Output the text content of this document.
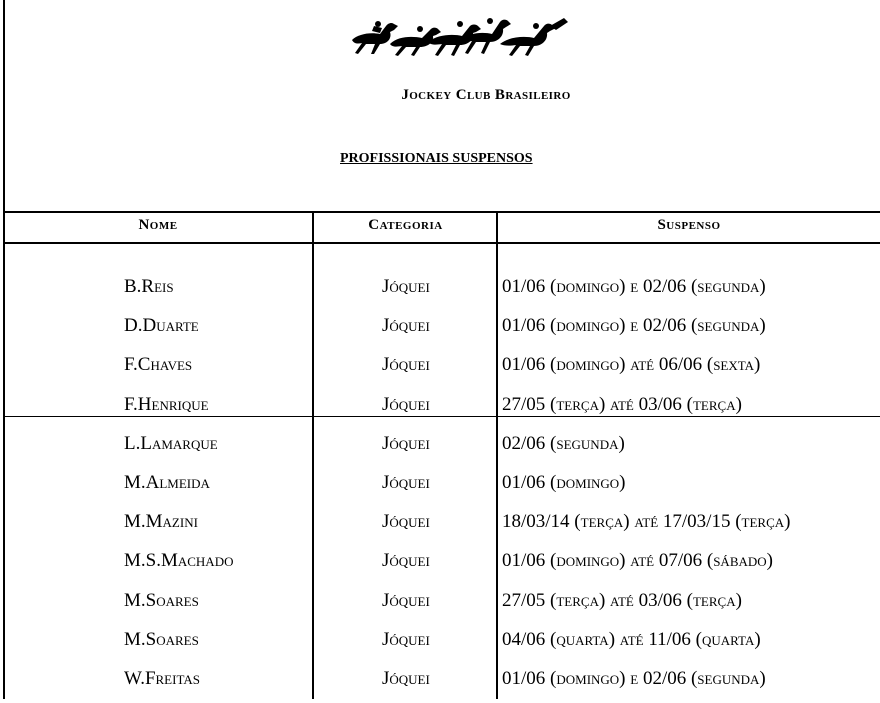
Jockey Club Brasileiro
PROFISSIONAIS SUSPENSOS
Nome	Categoria	Suspenso
B.Reis	Jóquei	01/06 (domingo) e 02/06 (segunda)
D.Duarte	Jóquei	01/06 (domingo) e 02/06 (segunda)
F.Chaves	Jóquei	01/06 (domingo) até 06/06 (sexta)
F.Henrique	Jóquei	27/05 (terça) até 03/06 (terça)
L.Lamarque	Jóquei	02/06 (segunda)
M.Almeida	Jóquei	01/06 (domingo)
M.Mazini	Jóquei	18/03/14 (terça) até 17/03/15 (terça)
M.S.Machado	Jóquei	01/06 (domingo) até 07/06 (sábado)
M.Soares	Jóquei	27/05 (terça) até 03/06 (terça)
M.Soares	Jóquei	04/06 (quarta) até 11/06 (quarta)
W.Freitas	Jóquei	01/06 (domingo) e 02/06 (segunda)
